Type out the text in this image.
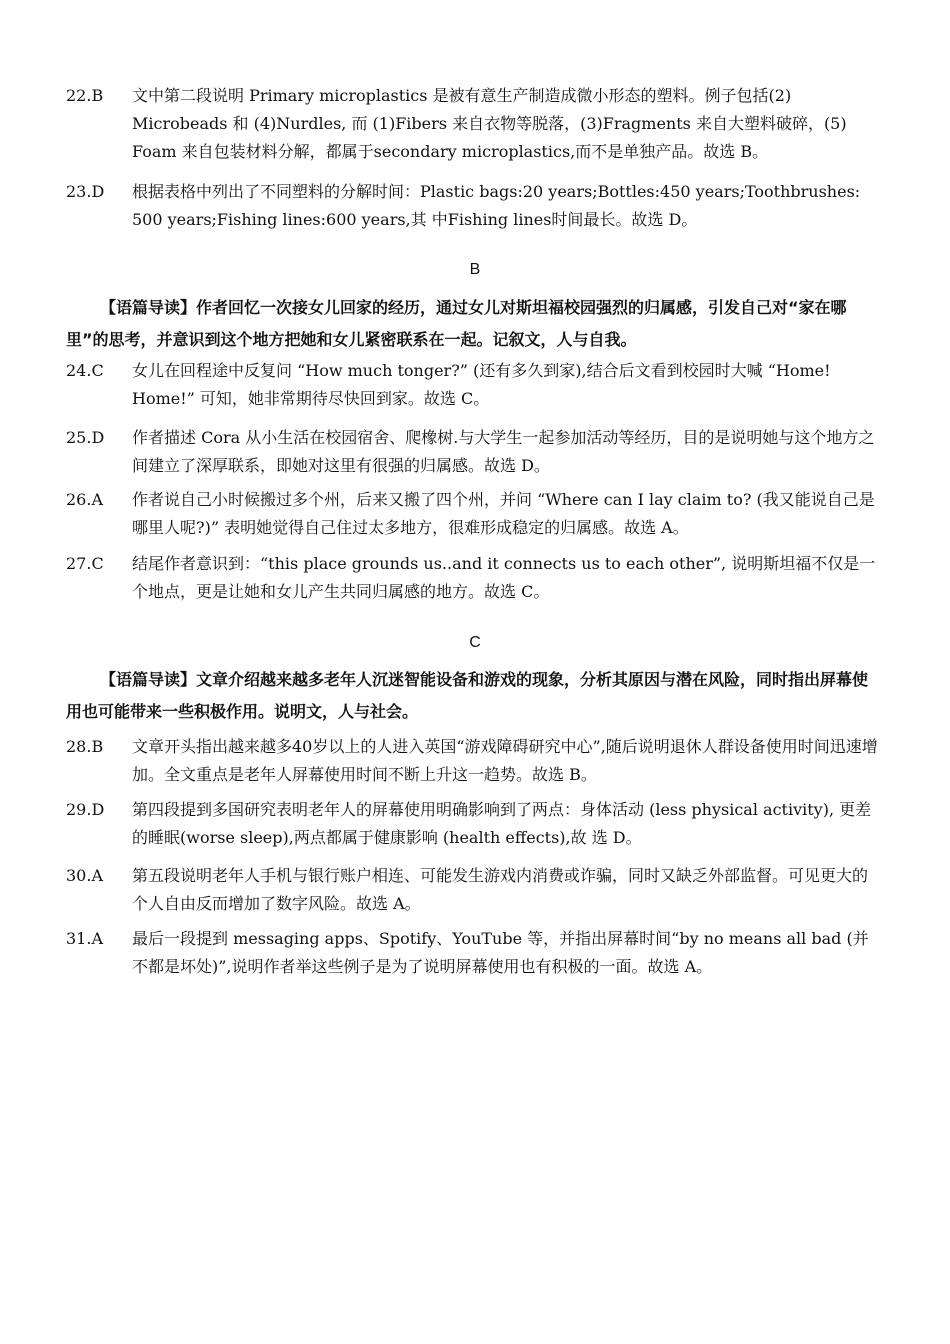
22.B	文中第二段说明 Primary microplastics 是被有意生产制造成微小形态的塑料。例子包括(2) Microbeads 和 (4)Nurdles, 而 (1)Fibers 来自衣物等脱落，(3)Fragments 来自大塑料破碎，(5) Foam 来自包装材料分解，都属于secondary microplastics,而不是单独产品。故选 B。
23.D	根据表格中列出了不同塑料的分解时间：Plastic bags:20 years;Bottles:450 years;Toothbrushes: 500 years;Fishing lines:600 years,其 中Fishing lines时间最长。故选 D。
B
【语篇导读】作者回忆一次接女儿回家的经历，通过女儿对斯坦福校园强烈的归属感，引发自己对“家在哪里”的思考，并意识到这个地方把她和女儿紧密联系在一起。记叙文，人与自我。
24.C	女儿在回程途中反复问 “How much tonger?” (还有多久到家),结合后文看到校园时大喊 “Home! Home!” 可知，她非常期待尽快回到家。故选 C。
25.D	作者描述 Cora 从小生活在校园宿舍、爬橡树.与大学生一起参加活动等经历，目的是说明她与这个地方之间建立了深厚联系，即她对这里有很强的归属感。故选 D。
26.A	作者说自己小时候搬过多个州，后来又搬了四个州，并问 “Where can I lay claim to? (我又能说自己是哪里人呢?)” 表明她觉得自己住过太多地方，很难形成稳定的归属感。故选 A。
27.C	结尾作者意识到：“this place grounds us..and it connects us to each other”, 说明斯坦福不仅是一个地点，更是让她和女儿产生共同归属感的地方。故选 C。
C
【语篇导读】文章介绍越来越多老年人沉迷智能设备和游戏的现象，分析其原因与潜在风险，同时指出屏幕使用也可能带来一些积极作用。说明文，人与社会。
28.B	文章开头指出越来越多40岁以上的人进入英国“游戏障碍研究中心”,随后说明退休人群设备使用时间迅速增加。全文重点是老年人屏幕使用时间不断上升这一趋势。故选 B。
29.D	第四段提到多国研究表明老年人的屏幕使用明确影响到了两点：身体活动 (less physical activity), 更差的睡眠(worse sleep),两点都属于健康影响 (health effects),故 选 D。
30.A	第五段说明老年人手机与银行账户相连、可能发生游戏内消费或诈骗，同时又缺乏外部监督。可见更大的个人自由反而增加了数字风险。故选 A。
31.A	最后一段提到 messaging apps、Spotify、YouTube 等，并指出屏幕时间“by no means all bad (并不都是坏处)”,说明作者举这些例子是为了说明屏幕使用也有积极的一面。故选 A。
